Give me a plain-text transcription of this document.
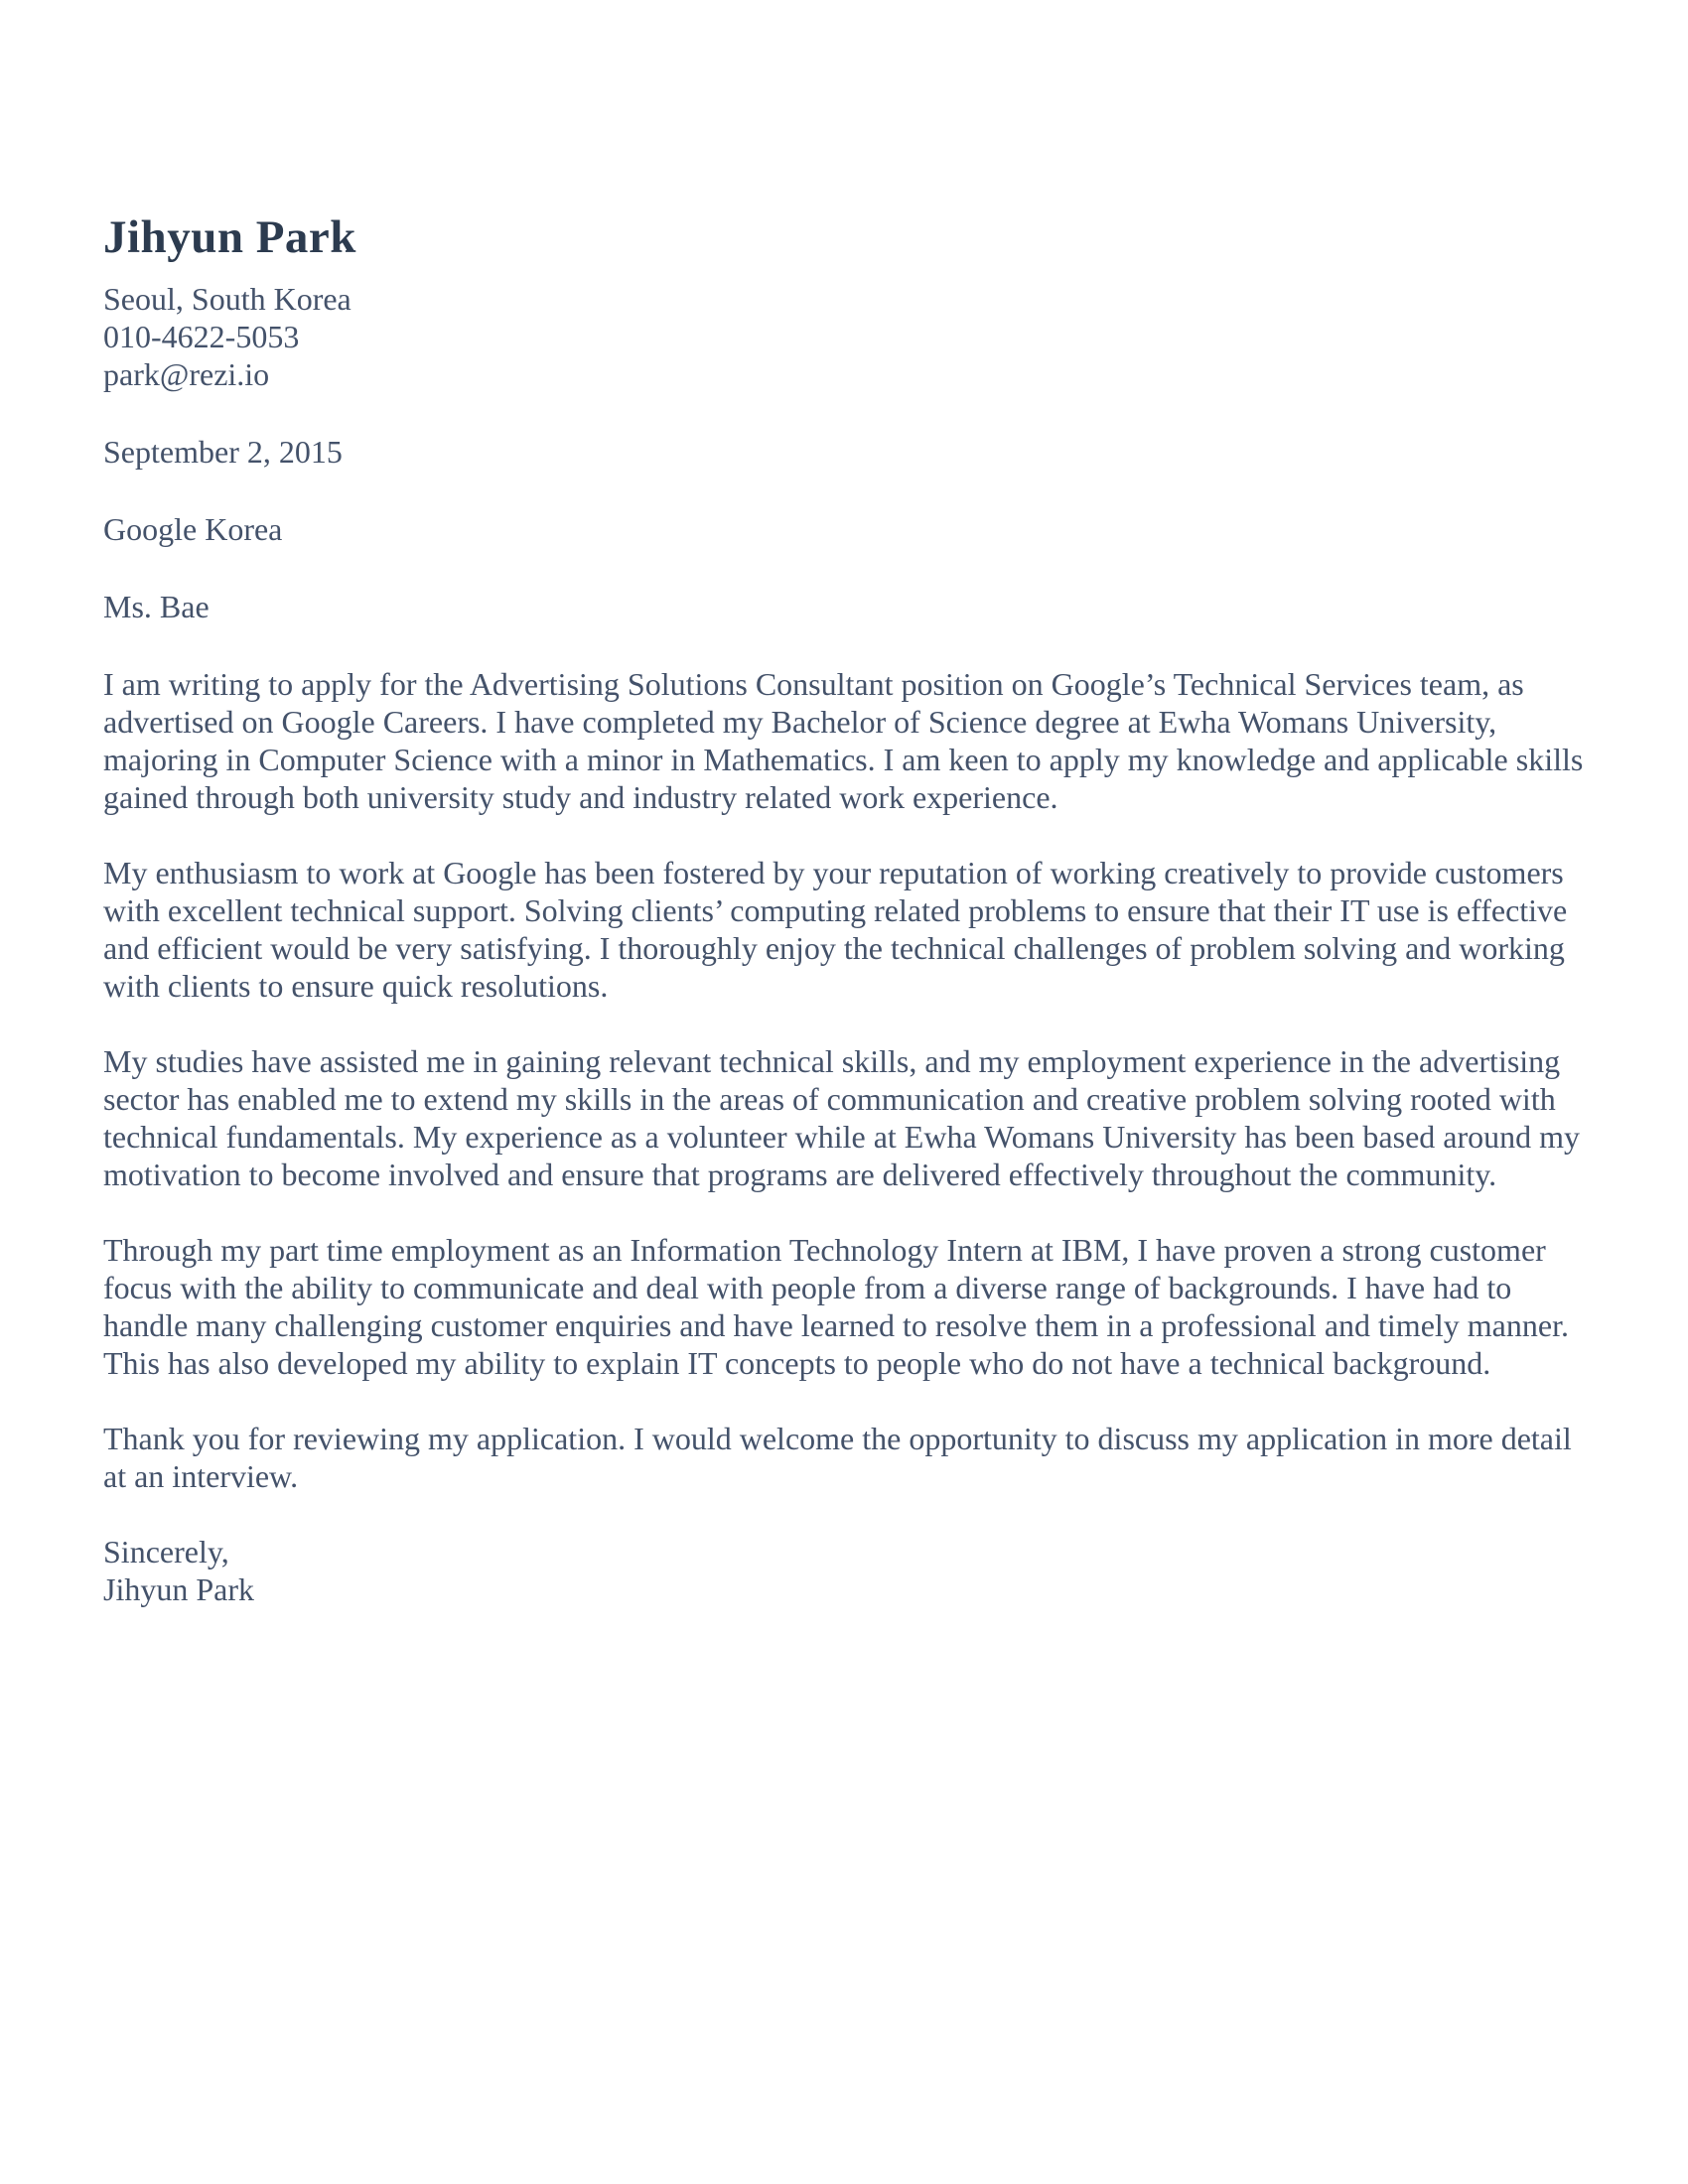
Jihyun Park
Seoul, South Korea
010-4622-5053
park@rezi.io
September 2, 2015
Google Korea
Ms. Bae

I am writing to apply for the Advertising Solutions Consultant position on Google’s Technical Services team, as advertised on Google Careers. I have completed my Bachelor of Science degree at Ewha Womans University, majoring in Computer Science with a minor in Mathematics. I am keen to apply my knowledge and applicable skills gained through both university study and industry related work experience.

My enthusiasm to work at Google has been fostered by your reputation of working creatively to provide customers with excellent technical support. Solving clients’ computing related problems to ensure that their IT use is effective and efficient would be very satisfying. I thoroughly enjoy the technical challenges of problem solving and working with clients to ensure quick resolutions.

My studies have assisted me in gaining relevant technical skills, and my employment experience in the advertising sector has enabled me to extend my skills in the areas of communication and creative problem solving rooted with technical fundamentals. My experience as a volunteer while at Ewha Womans University has been based around my motivation to become involved and ensure that programs are delivered effectively throughout the community.

Through my part time employment as an Information Technology Intern at IBM, I have proven a strong customer focus with the ability to communicate and deal with people from a diverse range of backgrounds. I have had to handle many challenging customer enquiries and have learned to resolve them in a professional and timely manner. This has also developed my ability to explain IT concepts to people who do not have a technical background.

Thank you for reviewing my application. I would welcome the opportunity to discuss my application in more detail at an interview.

Sincerely,
Jihyun Park
